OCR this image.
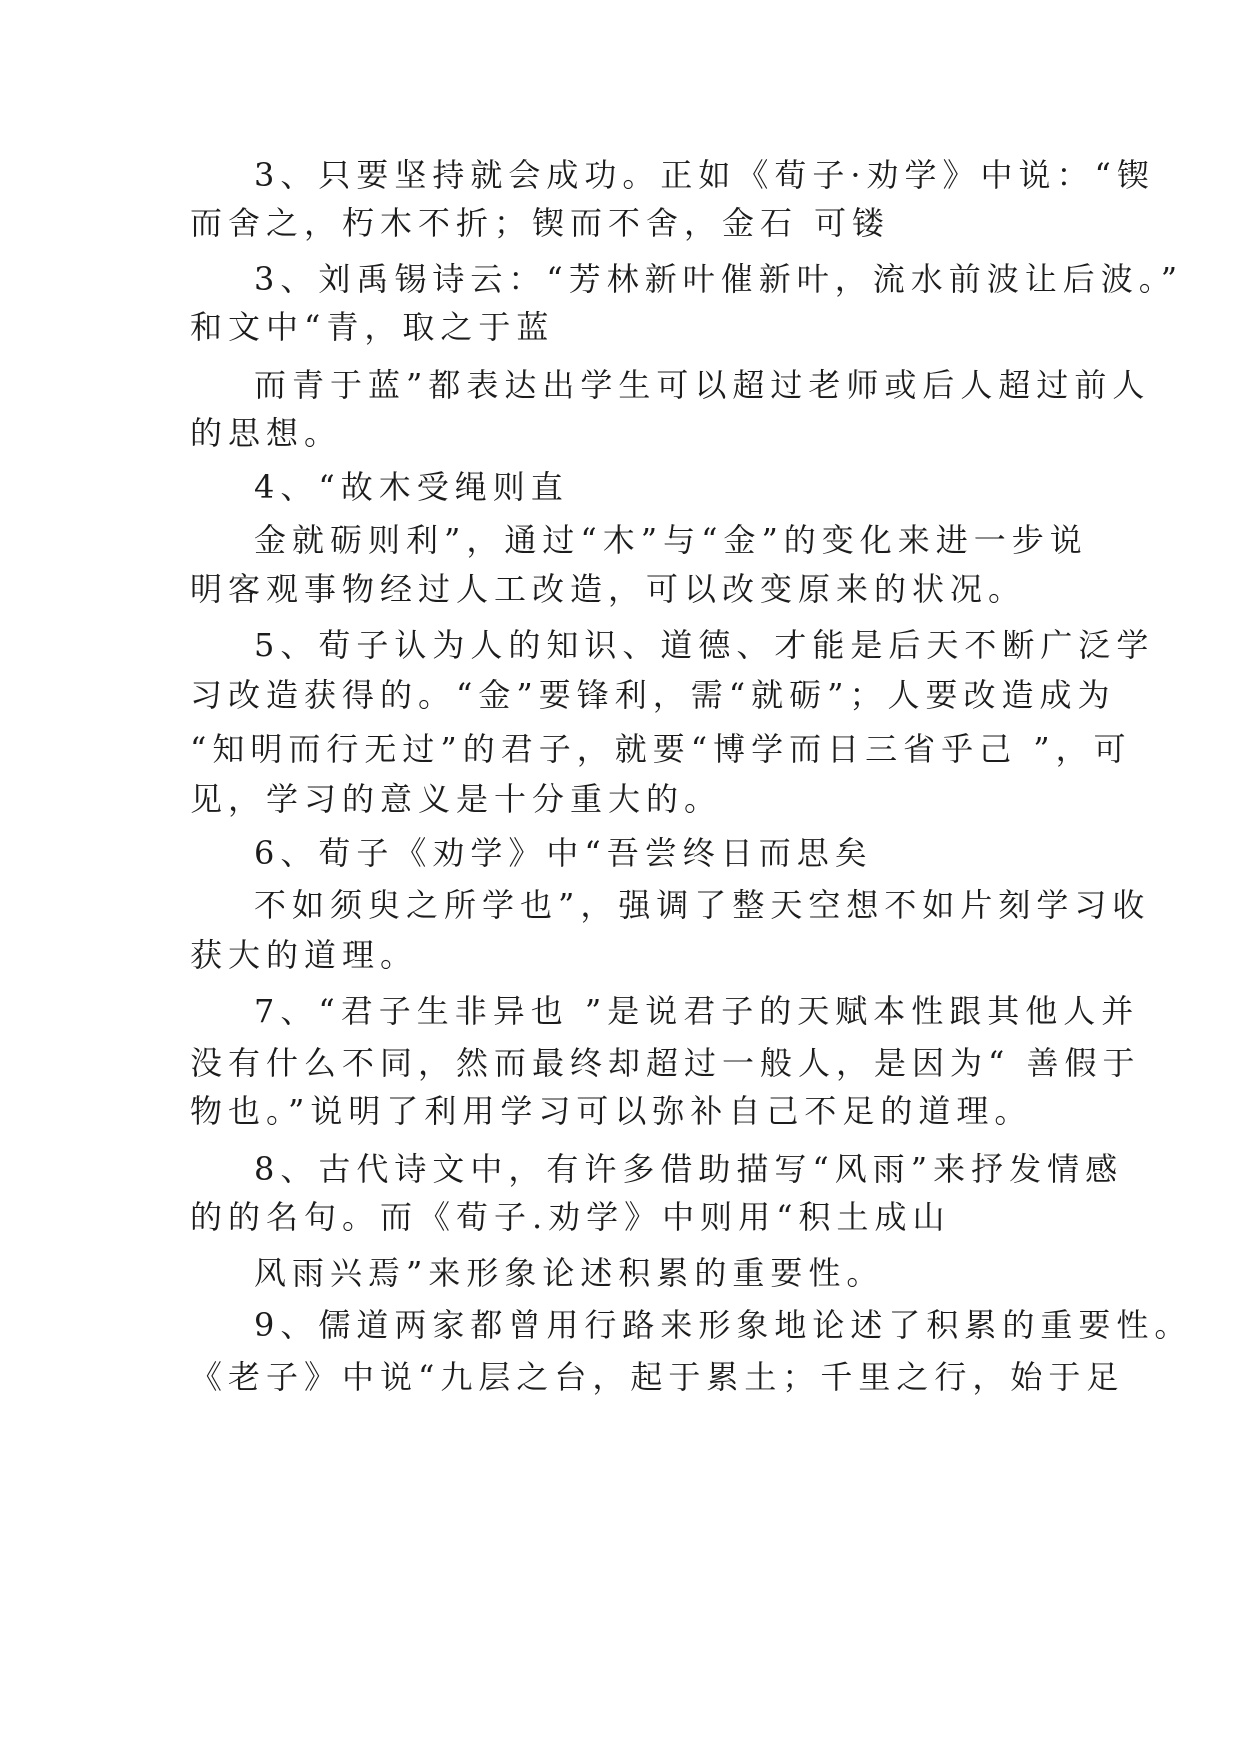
3、只要坚持就会成功。正如《荀子·劝学》中说：“锲
而舍之，朽木不折；锲而不舍，金石 可镂
3、刘禹锡诗云：“芳林新叶催新叶，流水前波让后波。”
和文中“青，取之于蓝
而青于蓝”都表达出学生可以超过老师或后人超过前人
的思想。
4、“故木受绳则直
金就砺则利”，通过“木”与“金”的变化来进一步说
明客观事物经过人工改造，可以改变原来的状况。
5、荀子认为人的知识、道德、才能是后天不断广泛学
习改造获得的。“金”要锋利，需“就砺”；人要改造成为
“知明而行无过”的君子，就要“博学而日三省乎己 ”，可
见，学习的意义是十分重大的。
6、荀子《劝学》中“吾尝终日而思矣
不如须臾之所学也”，强调了整天空想不如片刻学习收
获大的道理。
7、“君子生非异也 ”是说君子的天赋本性跟其他人并
没有什么不同，然而最终却超过一般人，是因为“ 善假于
物也。”说明了利用学习可以弥补自己不足的道理。
8、古代诗文中，有许多借助描写“风雨”来抒发情感
的的名句。而《荀子.劝学》中则用“积土成山
风雨兴焉”来形象论述积累的重要性。
9、儒道两家都曾用行路来形象地论述了积累的重要性。
《老子》中说“九层之台，起于累土；千里之行，始于足
